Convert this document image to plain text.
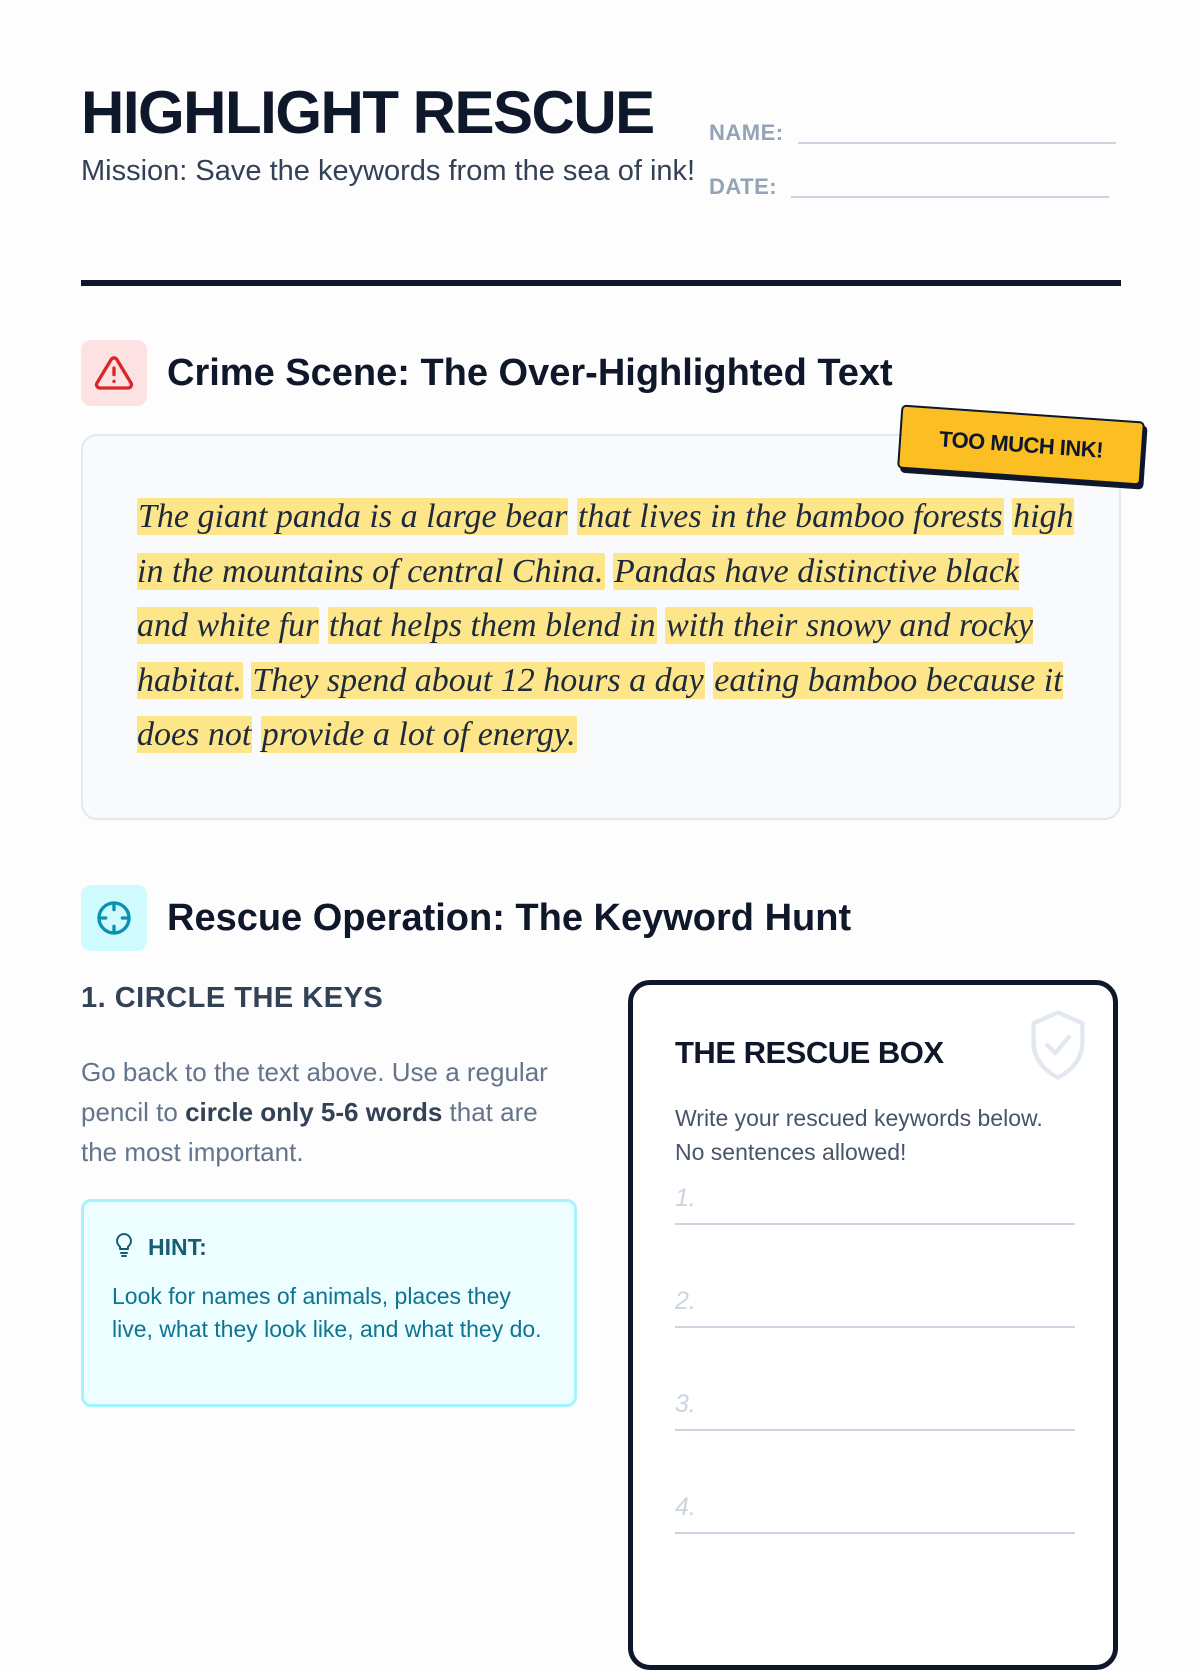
HIGHLIGHT RESCUE

Mission: Save the keywords from the sea of ink!

NAME:
DATE:
Crime Scene: The Over-Highlighted Text
TOO MUCH INK!

The giant panda is a large bear that lives in the bamboo forests high in the mountains of central China. Pandas have distinctive black and white fur that helps them blend in with their snowy and rocky habitat. They spend about 12 hours a day eating bamboo because it does not provide a lot of energy.

Rescue Operation: The Keyword Hunt
1. CIRCLE THE KEYS

Go back to the text above. Use a regular pencil to circle only 5-6 words that are the most important.

HINT:

Look for names of animals, places they live, what they look like, and what they do.

THE RESCUE BOX

Write your rescued keywords below. No sentences allowed!

1.
2.
3.
4.
